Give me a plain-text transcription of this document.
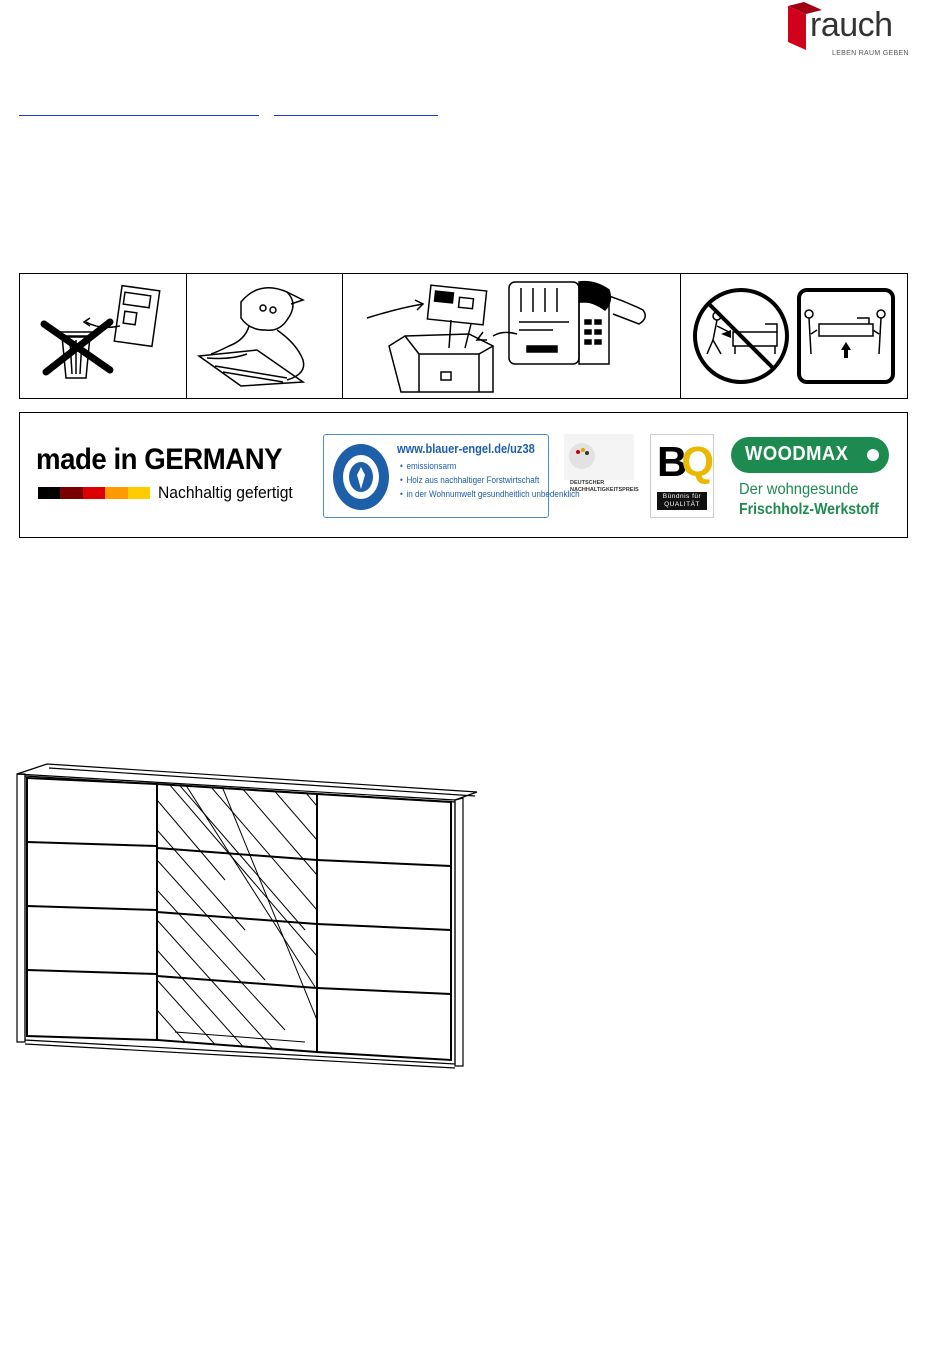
rauch
LEBEN RAUM GEBEN
made in GERMANY
Nachhaltig gefertigt
www.blauer-engel.de/uz38
• emissionsarm
• Holz aus nachhaltiger Forstwirtschaft
• in der Wohnumwelt gesundheitlich unbedenklich
DEUTSCHER NACHHALTIGKEITSPREIS
BQ
Bündnis für QUALITÄT
WOODMAX
Der wohngesunde
Frischholz-Werkstoff
